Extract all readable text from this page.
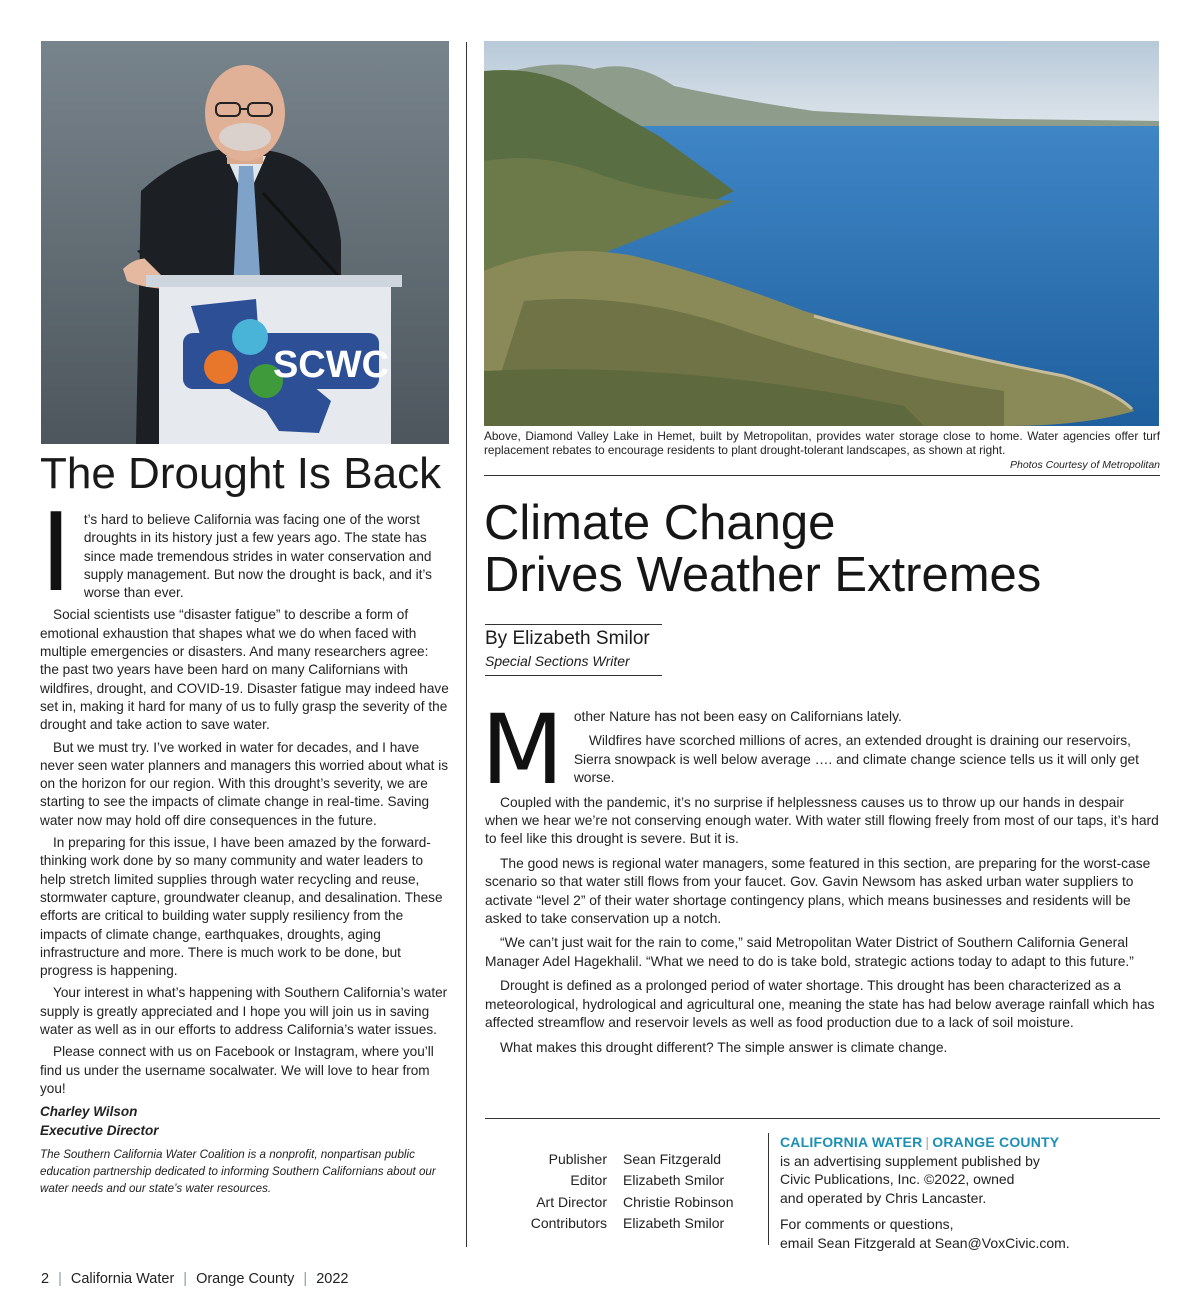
SCWC
The Drought Is Back

It’s hard to believe California was facing one of the worst droughts in its history just a few years ago. The state has since made tremendous strides in water conservation and supply management. But now the drought is back, and it’s worse than ever.

Social scientists use “disaster fatigue” to describe a form of emotional exhaustion that shapes what we do when faced with multiple emergencies or disasters. And many researchers agree: the past two years have been hard on many Californians with wildfires, drought, and COVID-19. Disaster fatigue may indeed have set in, making it hard for many of us to fully grasp the severity of the drought and take action to save water.

But we must try. I’ve worked in water for decades, and I have never seen water planners and managers this worried about what is on the horizon for our region. With this drought’s severity, we are starting to see the impacts of climate change in real-time. Saving water now may hold off dire consequences in the future.

In preparing for this issue, I have been amazed by the forward-thinking work done by so many community and water leaders to help stretch limited supplies through water recycling and reuse, stormwater capture, groundwater cleanup, and desalination. These efforts are critical to building water supply resiliency from the impacts of climate change, earthquakes, droughts, aging infrastructure and more. There is much work to be done, but progress is happening.

Your interest in what’s happening with Southern California’s water supply is greatly appreciated and I hope you will join us in saving water as well as in our efforts to address California’s water issues.

Please connect with us on Facebook or Instagram, where you’ll find us under the username socalwater. We will love to hear from you!

Charley Wilson
Executive Director
The Southern California Water Coalition is a nonprofit, nonpartisan public education partnership dedicated to informing Southern Californians about our water needs and our state’s water resources.
Above, Diamond Valley Lake in Hemet, built by Metropolitan, provides water storage close to home. Water agencies offer turf replacement rebates to encourage residents to plant drought-tolerant landscapes, as shown at right.
Photos Courtesy of Metropolitan
Climate Change
Drives Weather Extremes
By Elizabeth Smilor
Special Sections Writer
M other Nature has not been easy on Californians lately.

Wildfires have scorched millions of acres, an extended drought is draining our reservoirs, Sierra snowpack is well below average …. and climate change science tells us it will only get worse.

Coupled with the pandemic, it’s no surprise if helplessness causes us to throw up our hands in despair when we hear we’re not conserving enough water. With water still flowing freely from most of our taps, it’s hard to feel like this drought is severe. But it is.

The good news is regional water managers, some featured in this section, are preparing for the worst-case scenario so that water still flows from your faucet. Gov. Gavin Newsom has asked urban water suppliers to activate “level 2” of their water shortage contingency plans, which means businesses and residents will be asked to take conservation up a notch.

“We can’t just wait for the rain to come,” said Metropolitan Water District of Southern California General Manager Adel Hagekhalil. “What we need to do is take bold, strategic actions today to adapt to this future.”

Drought is defined as a prolonged period of water shortage. This drought has been characterized as a meteorological, hydrological and agricultural one, meaning the state has had below average rainfall which has affected streamflow and reservoir levels as well as food production due to a lack of soil moisture.

What makes this drought different? The simple answer is climate change.

Publisher	Sean Fitzgerald
Editor	Elizabeth Smilor
Art Director	Christie Robinson
Contributors	Elizabeth Smilor
CALIFORNIA WATER | ORANGE COUNTY
is an advertising supplement published by
Civic Publications, Inc. ©2022, owned
and operated by Chris Lancaster.
For comments or questions,
email Sean Fitzgerald at Sean@VoxCivic.com.
2 | California Water | Orange County | 2022
